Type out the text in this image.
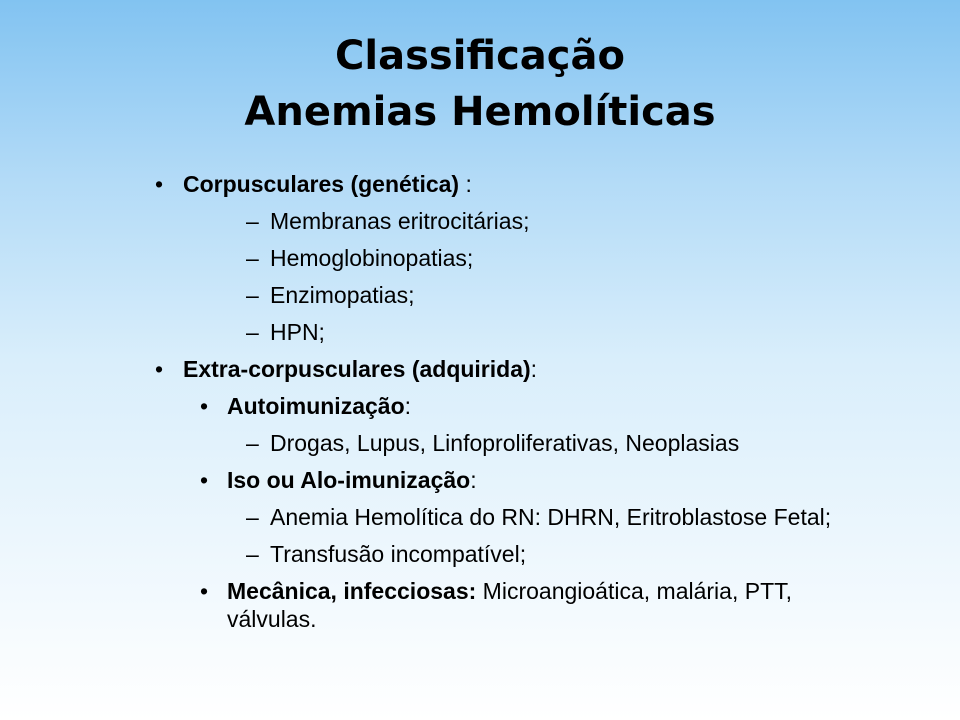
Classificação
Anemias Hemolíticas
• Corpusculares (genética) :
– Membranas eritrocitárias;
– Hemoglobinopatias;
– Enzimopatias;
– HPN;
• Extra-corpusculares (adquirida):
• Autoimunização:
– Drogas, Lupus, Linfoproliferativas, Neoplasias
• Iso ou Alo-imunização:
– Anemia Hemolítica do RN: DHRN, Eritroblastose Fetal;
– Transfusão incompatível;
• Mecânica, infecciosas: Microangioática, malária, PTT, válvulas.
